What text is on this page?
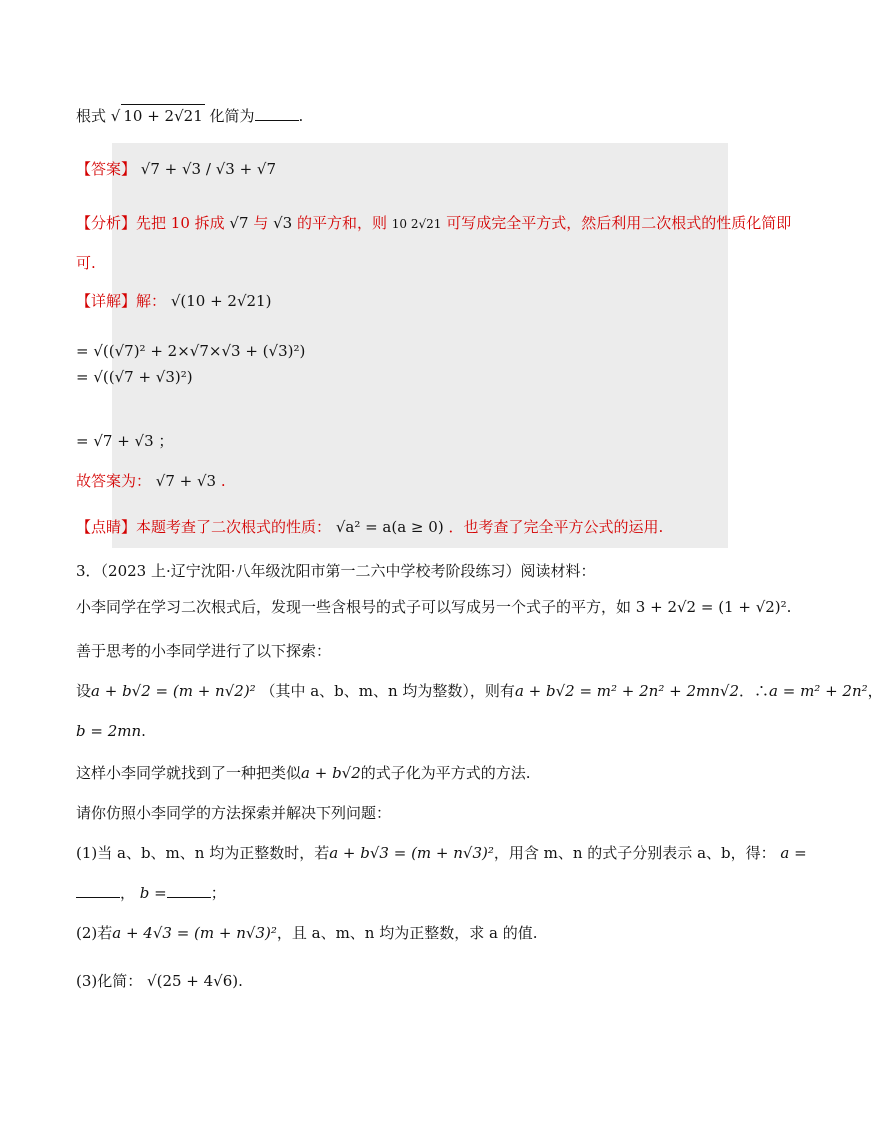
根式 √ 10 + 2√21 化简为	.
【答案】 √7 + √3 / √3 + √7
【分析】先把 10 拆成 √7 与 √3 的平方和，则 10 2√21 可写成完全平方式，然后利用二次根式的性质化简即
可.
【详解】解： √(10 + 2√21)
= √((√7)² + 2×√7×√3 + (√3)²)
= √((√7 + √3)²)
= √7 + √3 ；
故答案为： √7 + √3 .
【点睛】本题考查了二次根式的性质： √a² = a(a ≥ 0) ．也考查了完全平方公式的运用.
3．（2023 上·辽宁沈阳·八年级沈阳市第一二六中学校考阶段练习）阅读材料：
小李同学在学习二次根式后，发现一些含根号的式子可以写成另一个式子的平方，如 3 + 2√2 = (1 + √2)².
善于思考的小李同学进行了以下探索：
设a + b√2 = (m + n√2)² （其中 a、b、m、n 均为整数），则有a + b√2 = m² + 2n² + 2mn√2．∴a = m² + 2n²，
b = 2mn.
这样小李同学就找到了一种把类似a + b√2的式子化为平方式的方法.
请你仿照小李同学的方法探索并解决下列问题：
(1)当 a、b、m、n 均为正整数时，若a + b√3 = (m + n√3)²，用含 m、n 的式子分别表示 a、b，得： a =
， b =	；
(2)若a + 4√3 = (m + n√3)²，且 a、m、n 均为正整数，求 a 的值.
(3)化简： √(25 + 4√6).
